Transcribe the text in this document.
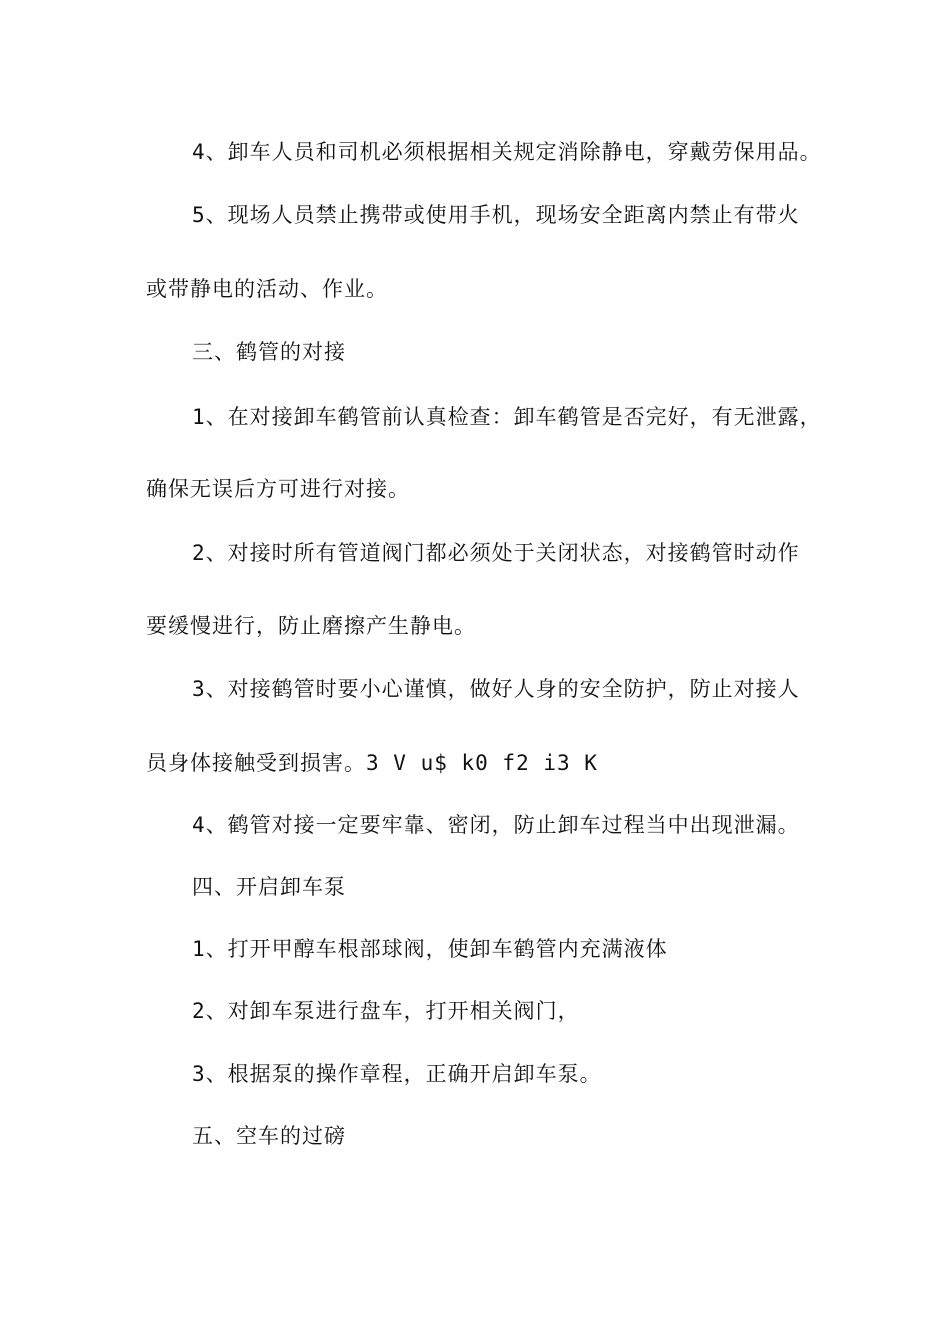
4、卸车人员和司机必须根据相关规定消除静电，穿戴劳保用品。
5、现场人员禁止携带或使用手机，现场安全距离内禁止有带火
或带静电的活动、作业。
三、鹤管的对接
1、在对接卸车鹤管前认真检查：卸车鹤管是否完好，有无泄露，
确保无误后方可进行对接。
2、对接时所有管道阀门都必须处于关闭状态，对接鹤管时动作
要缓慢进行，防止磨擦产生静电。
3、对接鹤管时要小心谨慎，做好人身的安全防护，防止对接人
员身体接触受到损害。3 V u$ k0 f2 i3 K
4、鹤管对接一定要牢靠、密闭，防止卸车过程当中出现泄漏。
四、开启卸车泵
1、打开甲醇车根部球阀，使卸车鹤管内充满液体
2、对卸车泵进行盘车，打开相关阀门，
3、根据泵的操作章程，正确开启卸车泵。
五、空车的过磅
